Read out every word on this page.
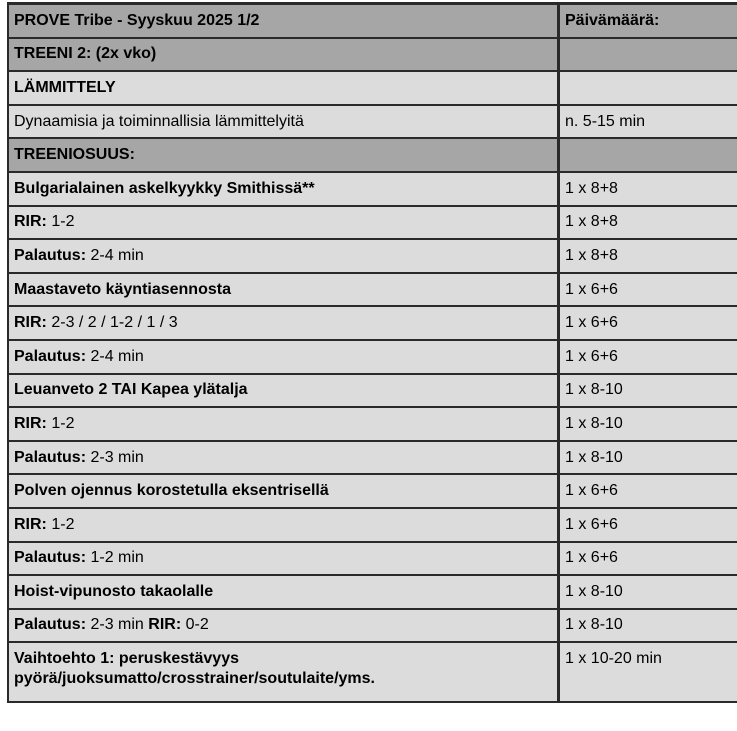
PROVE Tribe - Syyskuu 2025 1/2	Päivämäärä:
TREENI 2: (2x vko)	
LÄMMITTELY	
Dynaamisia ja toiminnallisia lämmittelyitä	n. 5-15 min
TREENIOSUUS:	
Bulgarialainen askelkyykky Smithissä**	1 x 8+8
RIR: 1-2	1 x 8+8
Palautus: 2-4 min	1 x 8+8
Maastaveto käyntiasennosta	1 x 6+6
RIR: 2-3 / 2 / 1-2 / 1 / 3	1 x 6+6
Palautus: 2-4 min	1 x 6+6
Leuanveto 2 TAI Kapea ylätalja	1 x 8-10
RIR: 1-2	1 x 8-10
Palautus: 2-3 min	1 x 8-10
Polven ojennus korostetulla eksentrisellä	1 x 6+6
RIR: 1-2	1 x 6+6
Palautus: 1-2 min	1 x 6+6
Hoist-vipunosto takaolalle	1 x 8-10
Palautus: 2-3 min RIR: 0-2	1 x 8-10

Vaihtoehto 1: peruskestävyys
pyörä/juoksumatto/crosstrainer/soutulaite/yms.	1 x 10-20 min
